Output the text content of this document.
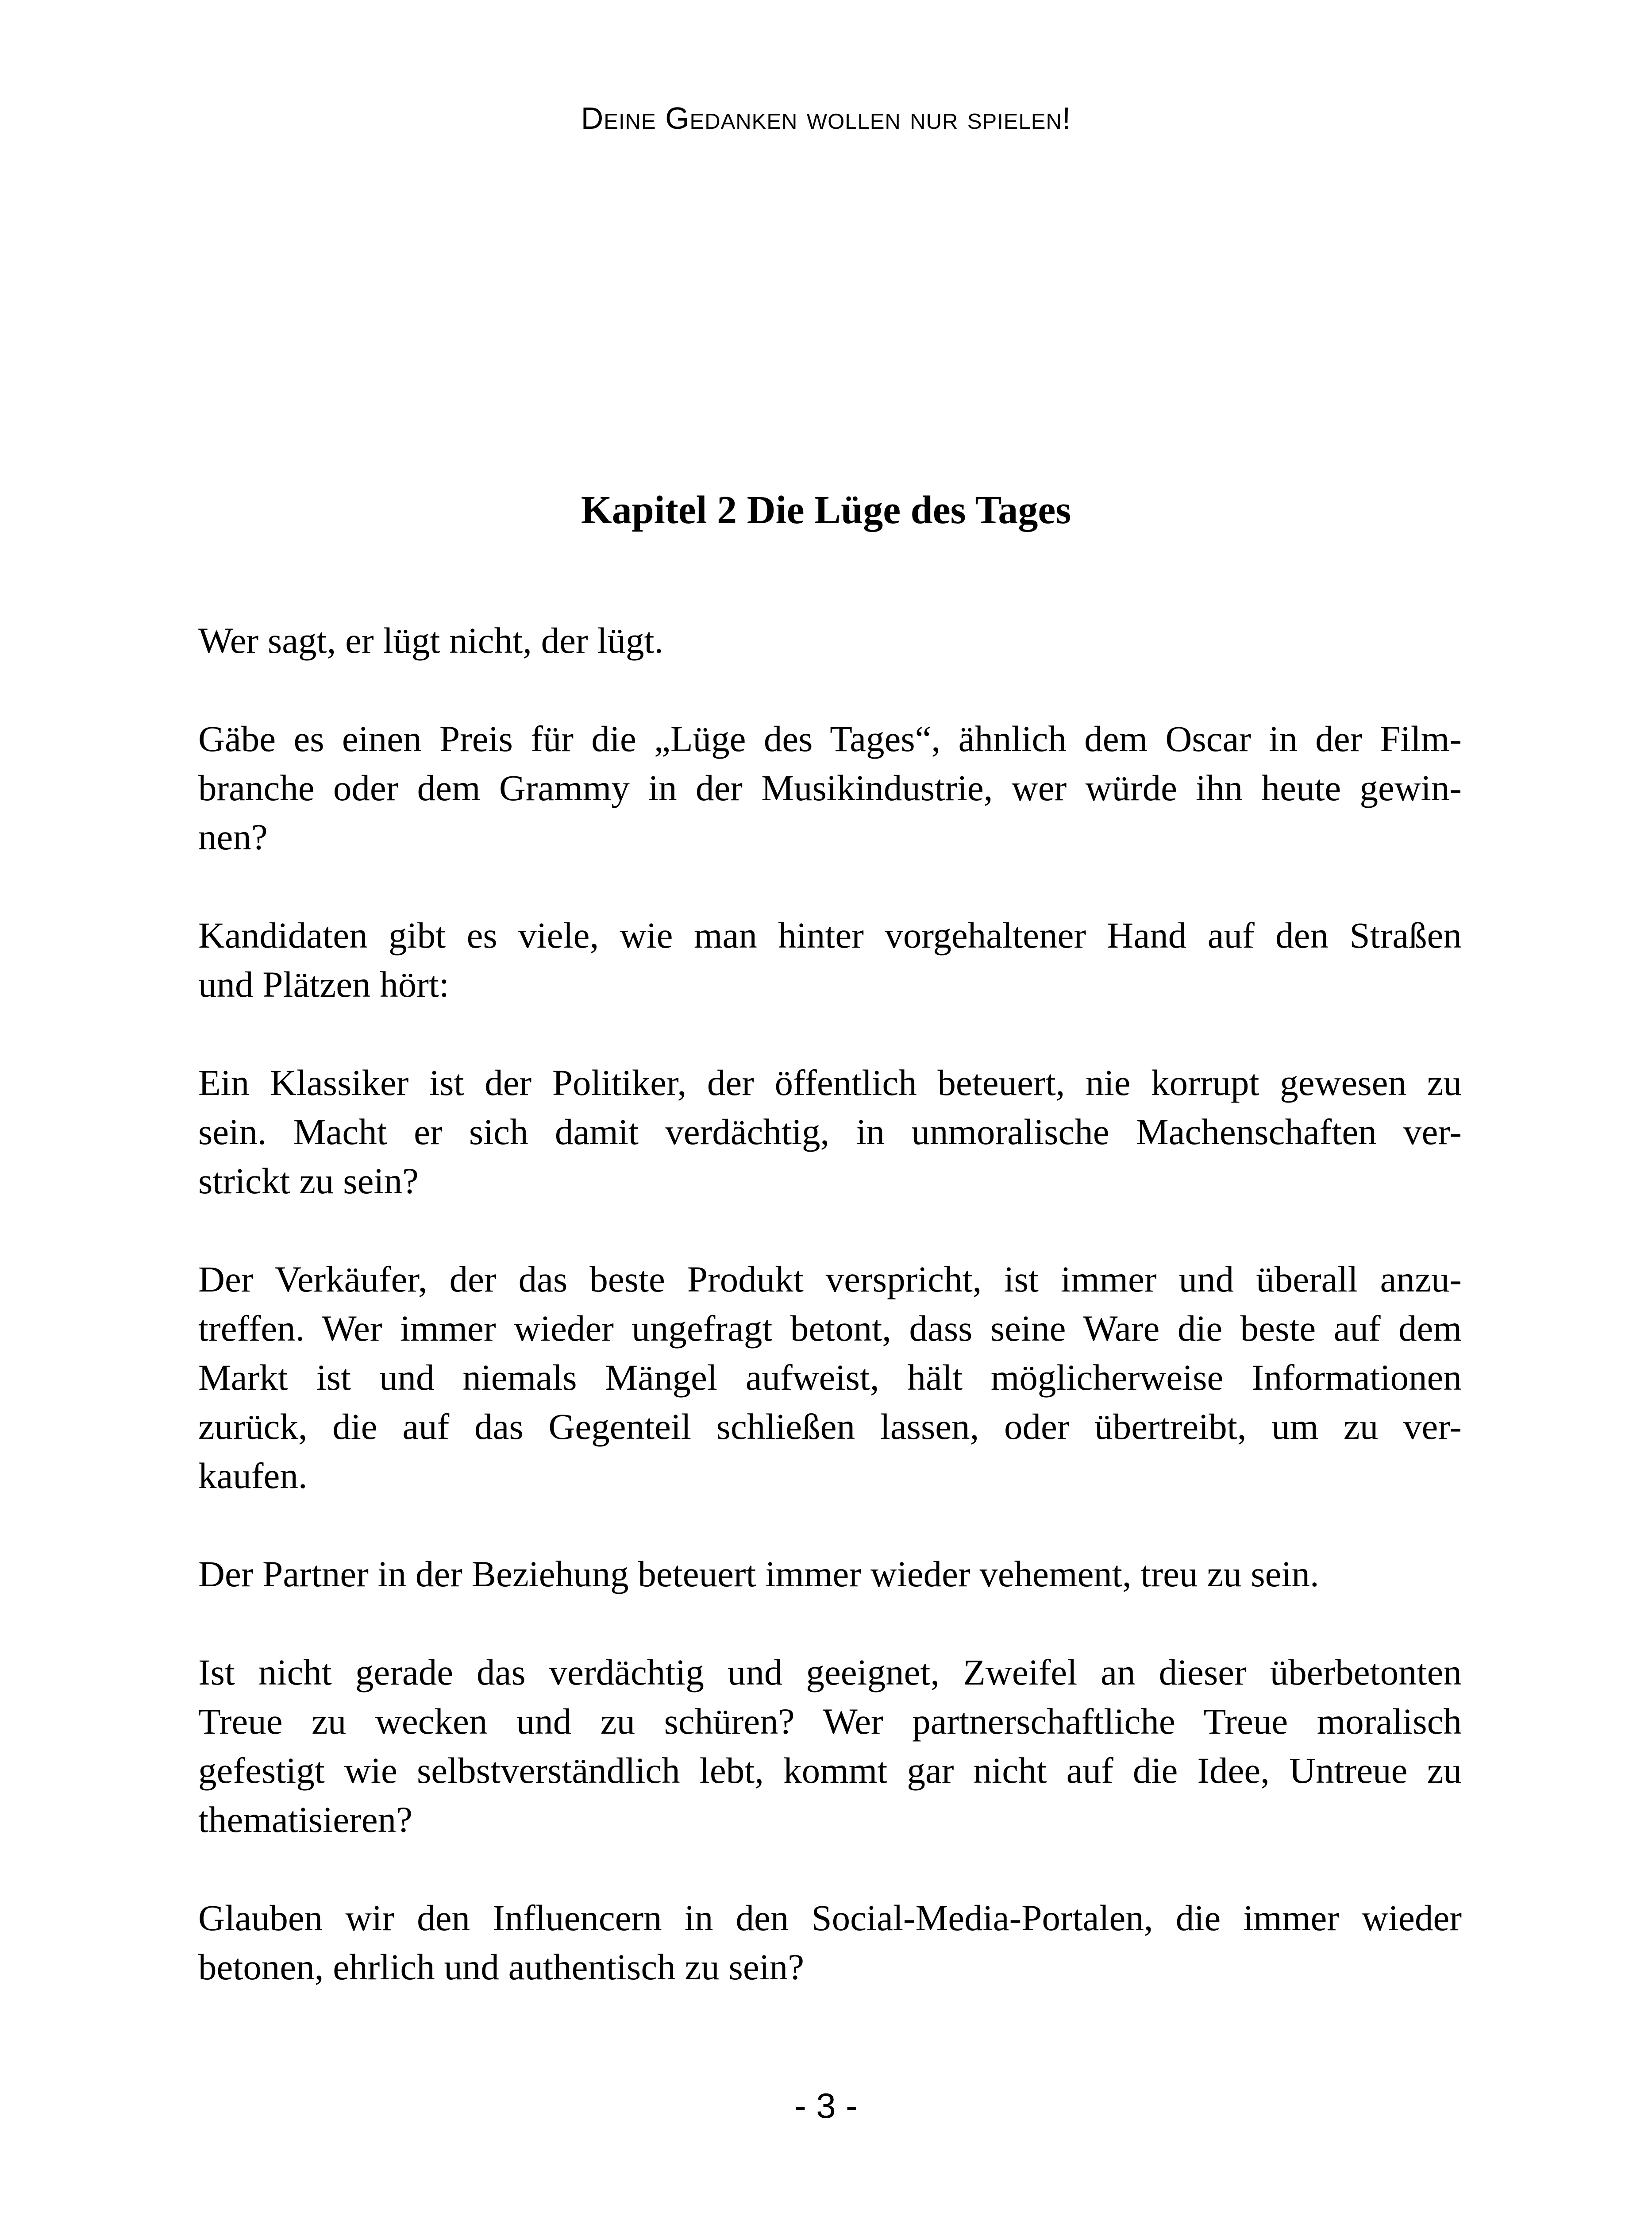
Deine Gedanken wollen nur spielen!
Kapitel 2 Die Lüge des Tages

Wer sagt, er lügt nicht, der lügt.

Gäbe es einen Preis für die „Lüge des Tages“, ähnlich dem Oscar in der Film-
branche oder dem Grammy in der Musikindustrie, wer würde ihn heute gewin-
nen?

Kandidaten gibt es viele, wie man hinter vorgehaltener Hand auf den Straßen
und Plätzen hört:

Ein Klassiker ist der Politiker, der öffentlich beteuert, nie korrupt gewesen zu
sein. Macht er sich damit verdächtig, in unmoralische Machenschaften ver-
strickt zu sein?

Der Verkäufer, der das beste Produkt verspricht, ist immer und überall anzu-
treffen. Wer immer wieder ungefragt betont, dass seine Ware die beste auf dem
Markt ist und niemals Mängel aufweist, hält möglicherweise Informationen
zurück, die auf das Gegenteil schließen lassen, oder übertreibt, um zu ver-
kaufen.

Der Partner in der Beziehung beteuert immer wieder vehement, treu zu sein.

Ist nicht gerade das verdächtig und geeignet, Zweifel an dieser überbetonten
Treue zu wecken und zu schüren? Wer partnerschaftliche Treue moralisch
gefestigt wie selbstverständlich lebt, kommt gar nicht auf die Idee, Untreue zu
thematisieren?

Glauben wir den Influencern in den Social-Media-Portalen, die immer wieder
betonen, ehrlich und authentisch zu sein?

- 3 -
